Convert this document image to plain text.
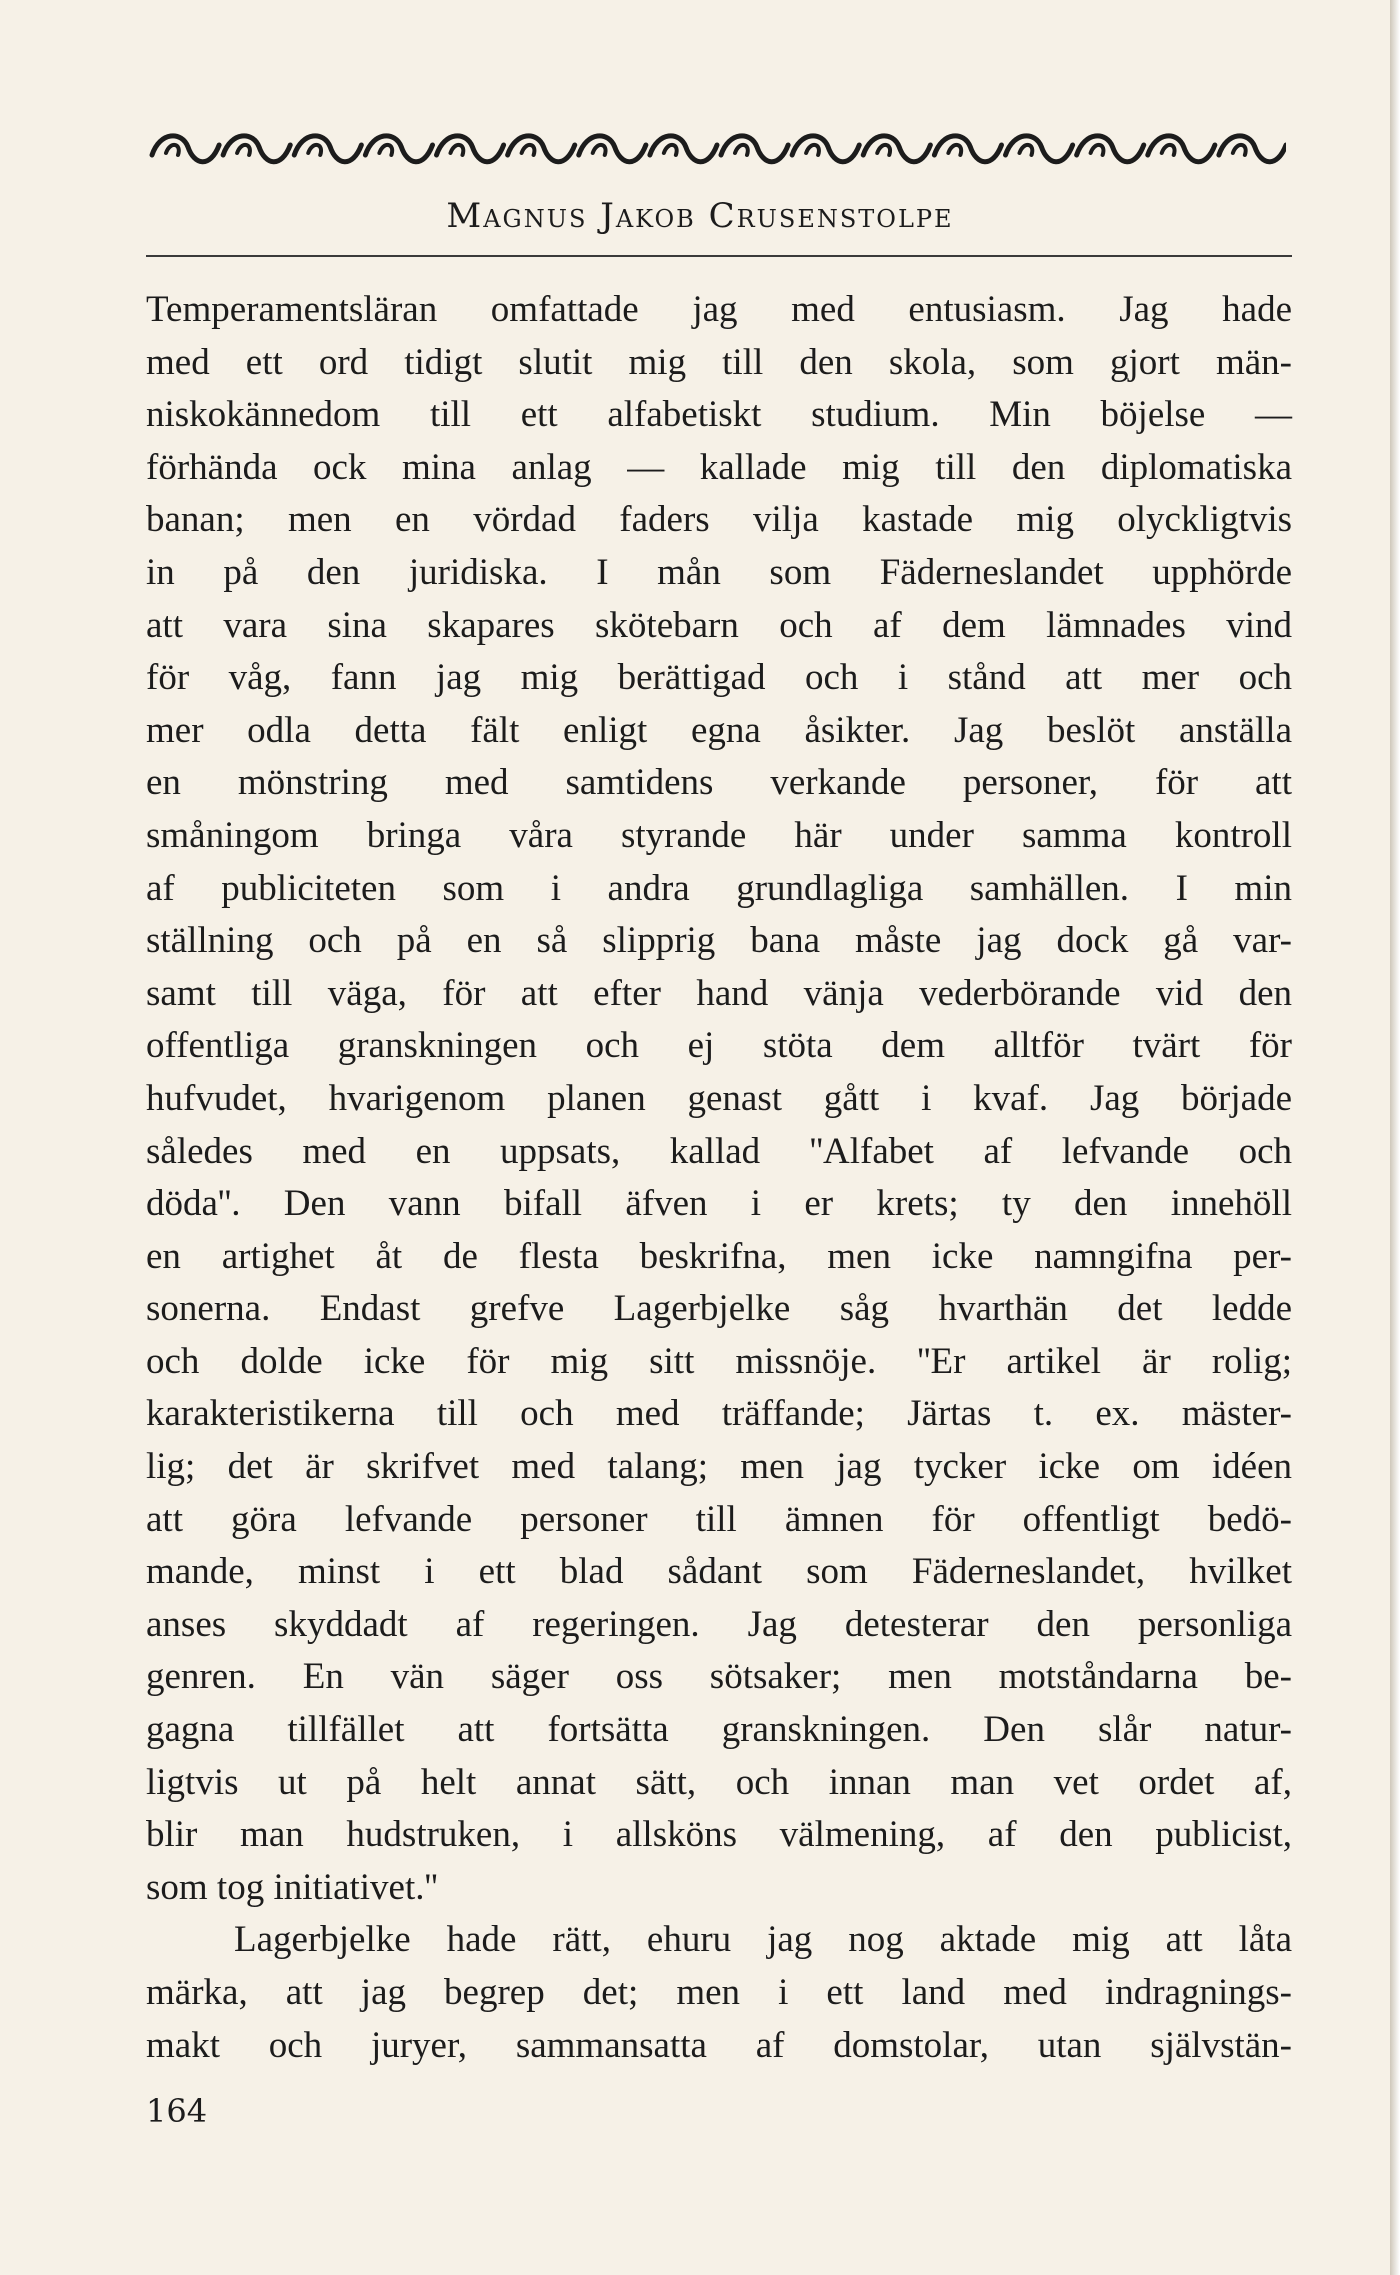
Magnus Jakob Crusenstolpe
Temperamentsläran omfattade jag med entusiasm. Jag hade
med ett ord tidigt slutit mig till den skola, som gjort män-
niskokännedom till ett alfabetiskt studium. Min böjelse —
förhända ock mina anlag — kallade mig till den diplomatiska
banan; men en vördad faders vilja kastade mig olyckligtvis
in på den juridiska. I mån som Fäderneslandet upphörde
att vara sina skapares skötebarn och af dem lämnades vind
för våg, fann jag mig berättigad och i stånd att mer och
mer odla detta fält enligt egna åsikter. Jag beslöt anställa
en mönstring med samtidens verkande personer, för att
småningom bringa våra styrande här under samma kontroll
af publiciteten som i andra grundlagliga samhällen. I min
ställning och på en så slipprig bana måste jag dock gå var-
samt till väga, för att efter hand vänja vederbörande vid den
offentliga granskningen och ej stöta dem alltför tvärt för
hufvudet, hvarigenom planen genast gått i kvaf. Jag började
således med en uppsats, kallad ''Alfabet af lefvande och
döda''. Den vann bifall äfven i er krets; ty den innehöll
en artighet åt de flesta beskrifna, men icke namngifna per-
sonerna. Endast grefve Lagerbjelke såg hvarthän det ledde
och dolde icke för mig sitt missnöje. ''Er artikel är rolig;
karakteristikerna till och med träffande; Järtas t. ex. mäster-
lig; det är skrifvet med talang; men jag tycker icke om idéen
att göra lefvande personer till ämnen för offentligt bedö-
mande, minst i ett blad sådant som Fäderneslandet, hvilket
anses skyddadt af regeringen. Jag detesterar den personliga
genren. En vän säger oss sötsaker; men motståndarna be-
gagna tillfället att fortsätta granskningen. Den slår natur-
ligtvis ut på helt annat sätt, och innan man vet ordet af,
blir man hudstruken, i allsköns välmening, af den publicist,
som tog initiativet.''
Lagerbjelke hade rätt, ehuru jag nog aktade mig att låta
märka, att jag begrep det; men i ett land med indragnings-
makt och juryer, sammansatta af domstolar, utan självstän-
164
